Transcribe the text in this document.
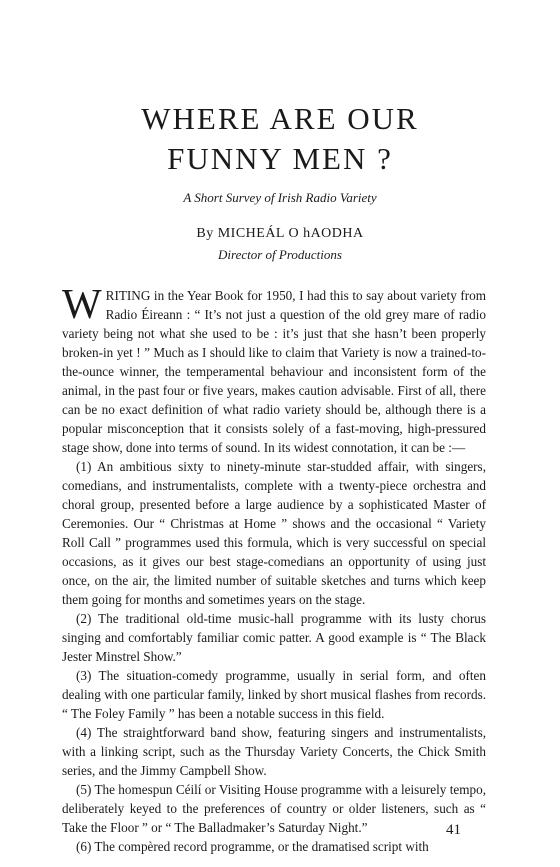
WHERE ARE OUR
FUNNY MEN ?
A Short Survey of Irish Radio Variety
By MICHEÁL O hAODHA
Director of Productions

WRITING in the Year Book for 1950, I had this to say about variety from Radio Éireann : “ It’s not just a question of the old grey mare of radio variety being not what she used to be : it’s just that she hasn’t been properly broken-in yet ! ” Much as I should like to claim that Variety is now a trained-to-the-ounce winner, the temperamental behaviour and inconsistent form of the animal, in the past four or five years, makes caution advisable. First of all, there can be no exact definition of what radio variety should be, although there is a popular misconception that it consists solely of a fast-moving, high-pressured stage show, done into terms of sound. In its widest connotation, it can be :—

(1) An ambitious sixty to ninety-minute star-studded affair, with singers, comedians, and instrumentalists, complete with a twenty-piece orchestra and choral group, presented before a large audience by a sophisticated Master of Ceremonies. Our “ Christmas at Home ” shows and the occasional “ Variety Roll Call ” programmes used this formula, which is very successful on special occasions, as it gives our best stage-comedians an opportunity of using just once, on the air, the limited number of suitable sketches and turns which keep them going for months and sometimes years on the stage.

(2) The traditional old-time music-hall programme with its lusty chorus singing and comfortably familiar comic patter. A good example is “ The Black Jester Minstrel Show.”

(3) The situation-comedy programme, usually in serial form, and often dealing with one particular family, linked by short musical flashes from records. “ The Foley Family ” has been a notable success in this field.

(4) The straightforward band show, featuring singers and instrumentalists, with a linking script, such as the Thursday Variety Concerts, the Chick Smith series, and the Jimmy Campbell Show.

(5) The homespun Céilí or Visiting House programme with a leisurely tempo, deliberately keyed to the preferences of country or older listeners, such as “ Take the Floor ” or “ The Balladmaker’s Saturday Night.”

(6) The compèred record programme, or the dramatised script with

41
